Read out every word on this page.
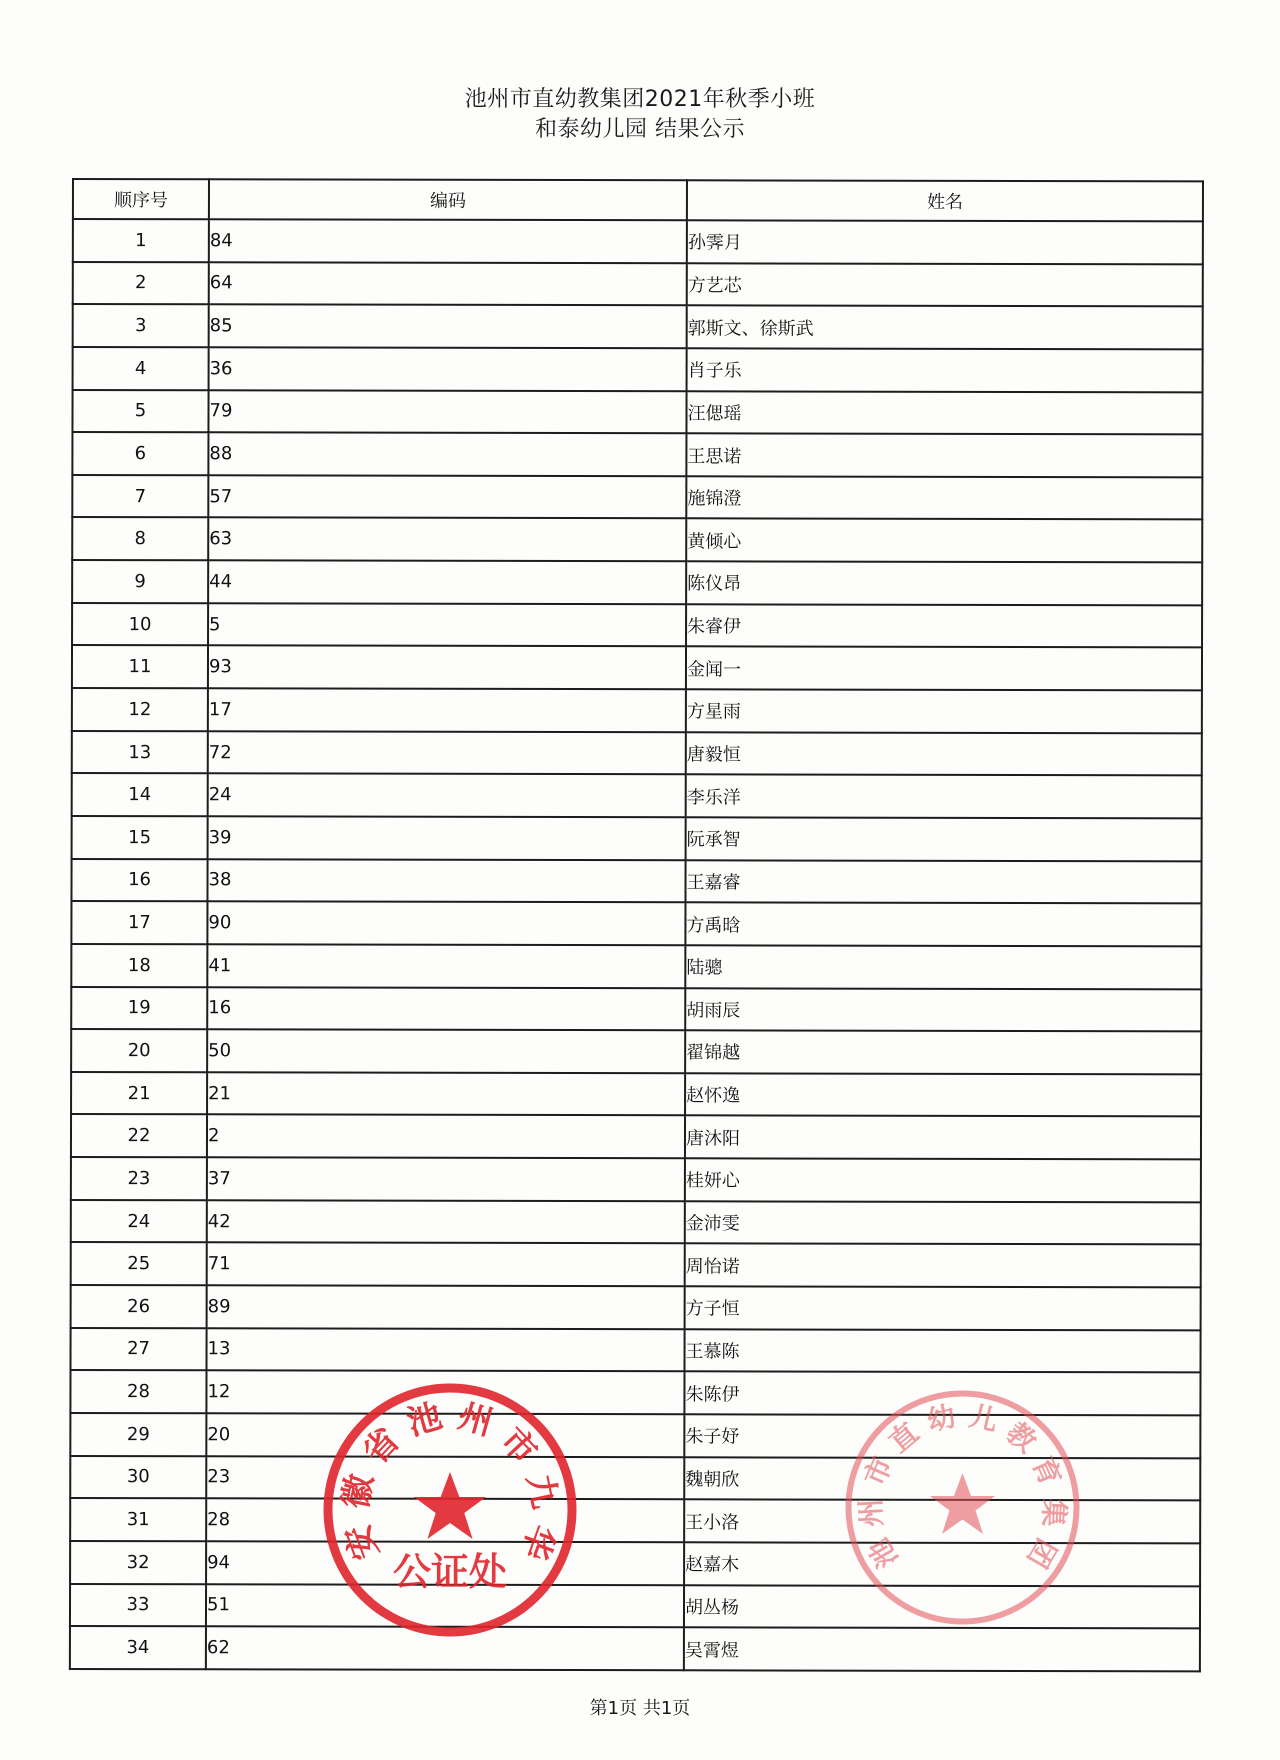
池州市直幼教集团2021年秋季小班
和泰幼儿园 结果公示
顺序号	编码	姓名
1	84	孙霁月
2	64	方艺芯
3	85	郭斯文、徐斯武
4	36	肖子乐
5	79	汪偲瑶
6	88	王思诺
7	57	施锦澄
8	63	黄倾心
9	44	陈仪昂
10	5	朱睿伊
11	93	金闻一
12	17	方星雨
13	72	唐毅恒
14	24	李乐洋
15	39	阮承智
16	38	王嘉睿
17	90	方禹晗
18	41	陆骢
19	16	胡雨辰
20	50	翟锦越
21	21	赵怀逸
22	2	唐沐阳
23	37	桂妍心
24	42	金沛雯
25	71	周怡诺
26	89	方子恒
27	13	王慕陈
28	12	朱陈伊
29	20	朱子妤
30	23	魏朝欣
31	28	王小洛
32	94	赵嘉木
33	51	胡丛杨
34	62	吴霄煜
第1页 共1页
安
徽
省
池 州
市
九
华
公证处	池
州
市
直
幼 儿
教
育
集
团
